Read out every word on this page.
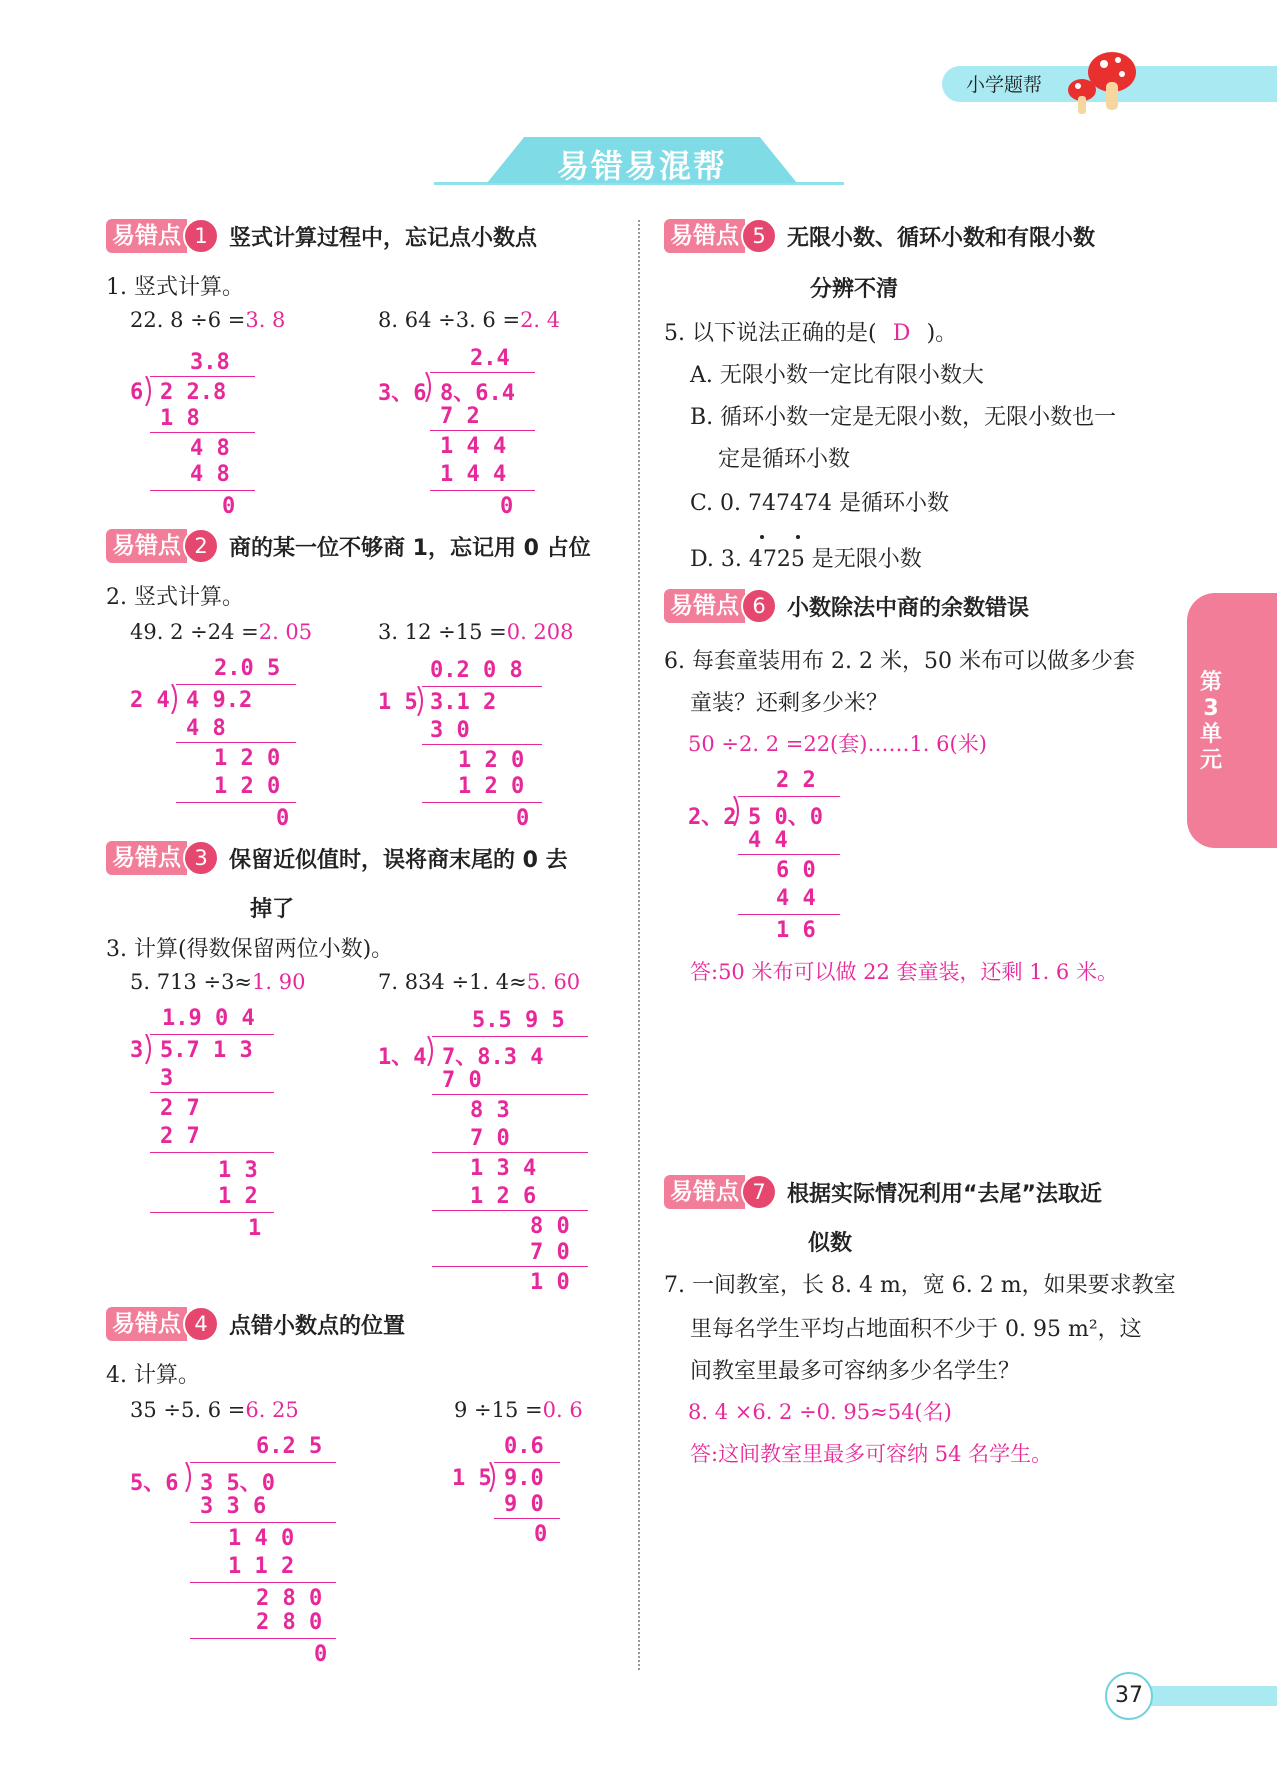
小学题帮
易错易混帮
易错点 1 竖式计算过程中，忘记点小数点
1. 竖式计算。
22. 8 ÷6 =3. 8	8. 64 ÷3. 6 =2. 4
3.8
6 2 2.8
1 8
4 8
4 8
0
2.4
3、6 8、6.4
7 2
1 4 4
1 4 4
0
易错点 2 商的某一位不够商 1，忘记用 0 占位
2. 竖式计算。
49. 2 ÷24 =2. 05	3. 12 ÷15 =0. 208
2.0 5
2 4 4 9.2
4 8
1 2 0
1 2 0
0
0.2 0 8
1 5 3.1 2
3 0
1 2 0
1 2 0
0
易错点 3 保留近似值时，误将商末尾的 0 去
掉了
3. 计算(得数保留两位小数)。
5. 713 ÷3≈1. 90	7. 834 ÷1. 4≈5. 60
1.9 0 4
3 5.7 1 3
3
2 7
2 7
1 3
1 2
1
5.5 9 5
1、4 7、8.3 4
7 0
8 3
7 0
1 3 4
1 2 6
8 0
7 0
1 0
易错点 4 点错小数点的位置
4. 计算。
35 ÷5. 6 =6. 25	9 ÷15 =0. 6
6.2 5
5、6 3 5、0
3 3 6
1 4 0
1 1 2
2 8 0
2 8 0
0
0.6
1 5 9.0
9 0
0
易错点 5 无限小数、循环小数和有限小数
分辨不清
5. 以下说法正确的是( D )。
A. 无限小数一定比有限小数大
B. 循环小数一定是无限小数，无限小数也一
定是循环小数
C. 0. 747474 是循环小数
D. 3. 4725 是无限小数
易错点 6 小数除法中商的余数错误
6. 每套童装用布 2. 2 米，50 米布可以做多少套
童装？还剩多少米？
50 ÷2. 2 =22(套)……1. 6(米)
2 2
2、2 5 0、0
4 4
6 0
4 4
1 6
答:50 米布可以做 22 套童装，还剩 1. 6 米。
易错点 7 根据实际情况利用“去尾”法取近
似数
7. 一间教室，长 8. 4 m，宽 6. 2 m，如果要求教室
里每名学生平均占地面积不少于 0. 95 m²，这
间教室里最多可容纳多少名学生？
8. 4 ×6. 2 ÷0. 95≈54(名)
答:这间教室里最多可容纳 54 名学生。
第
3
单
元
37
